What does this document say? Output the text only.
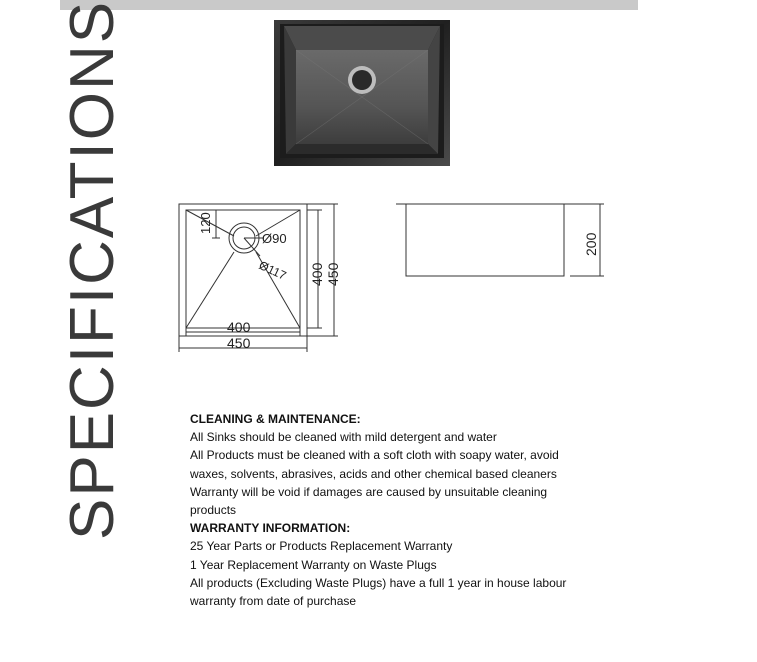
SPECIFICATIONS	120
Ø90
Ø117
400
450
400 450
200
CLEANING & MAINTENANCE:
All Sinks should be cleaned with mild detergent and water
All Products must be cleaned with a soft cloth with soapy water, avoid
waxes, solvents, abrasives, acids and other chemical based cleaners
Warranty will be void if damages are caused by unsuitable cleaning
products
WARRANTY INFORMATION:
25 Year Parts or Products Replacement Warranty
1 Year Replacement Warranty on Waste Plugs
All products (Excluding Waste Plugs) have a full 1 year in house labour
warranty from date of purchase
